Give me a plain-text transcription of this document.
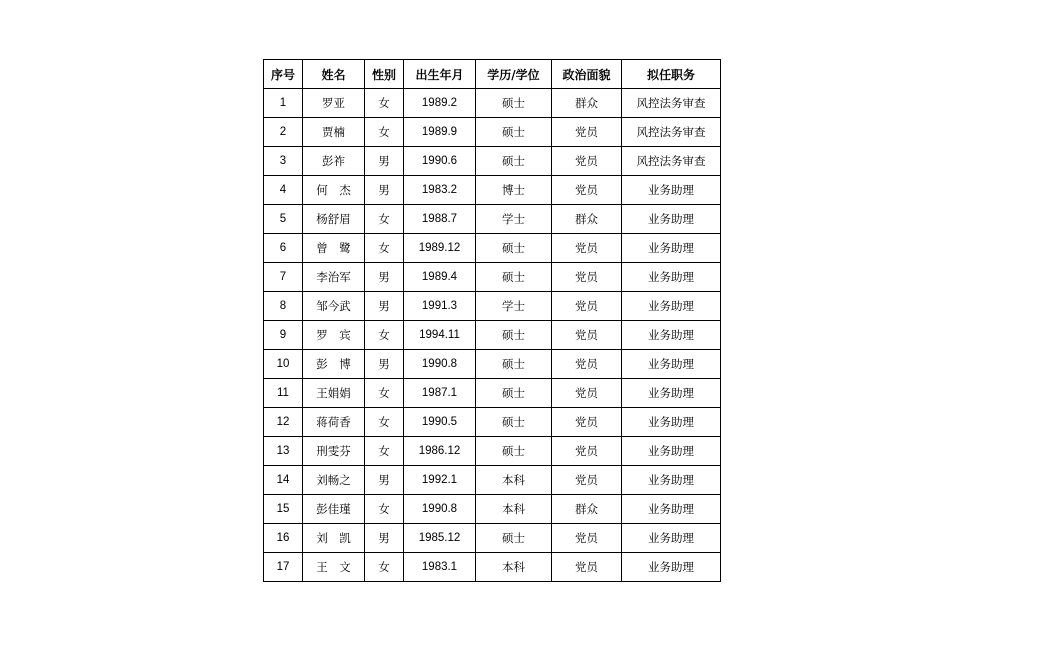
序号	姓名	性别	出生年月	学历/学位	政治面貌	拟任职务
1	罗亚	女	1989.2	硕士	群众	风控法务审查
2	贾楠	女	1989.9	硕士	党员	风控法务审查
3	彭祚	男	1990.6	硕士	党员	风控法务审查
4	何　杰	男	1983.2	博士	党员	业务助理
5	杨舒眉	女	1988.7	学士	群众	业务助理
6	曾　鹭	女	1989.12	硕士	党员	业务助理
7	李治军	男	1989.4	硕士	党员	业务助理
8	邹今武	男	1991.3	学士	党员	业务助理
9	罗　宾	女	1994.11	硕士	党员	业务助理
10	彭　博	男	1990.8	硕士	党员	业务助理
11	王娟娟	女	1987.1	硕士	党员	业务助理
12	蒋荷香	女	1990.5	硕士	党员	业务助理
13	刑雯芬	女	1986.12	硕士	党员	业务助理
14	刘畅之	男	1992.1	本科	党员	业务助理
15	彭佳瑾	女	1990.8	本科	群众	业务助理
16	刘　凯	男	1985.12	硕士	党员	业务助理
17	王　文	女	1983.1	本科	党员	业务助理
